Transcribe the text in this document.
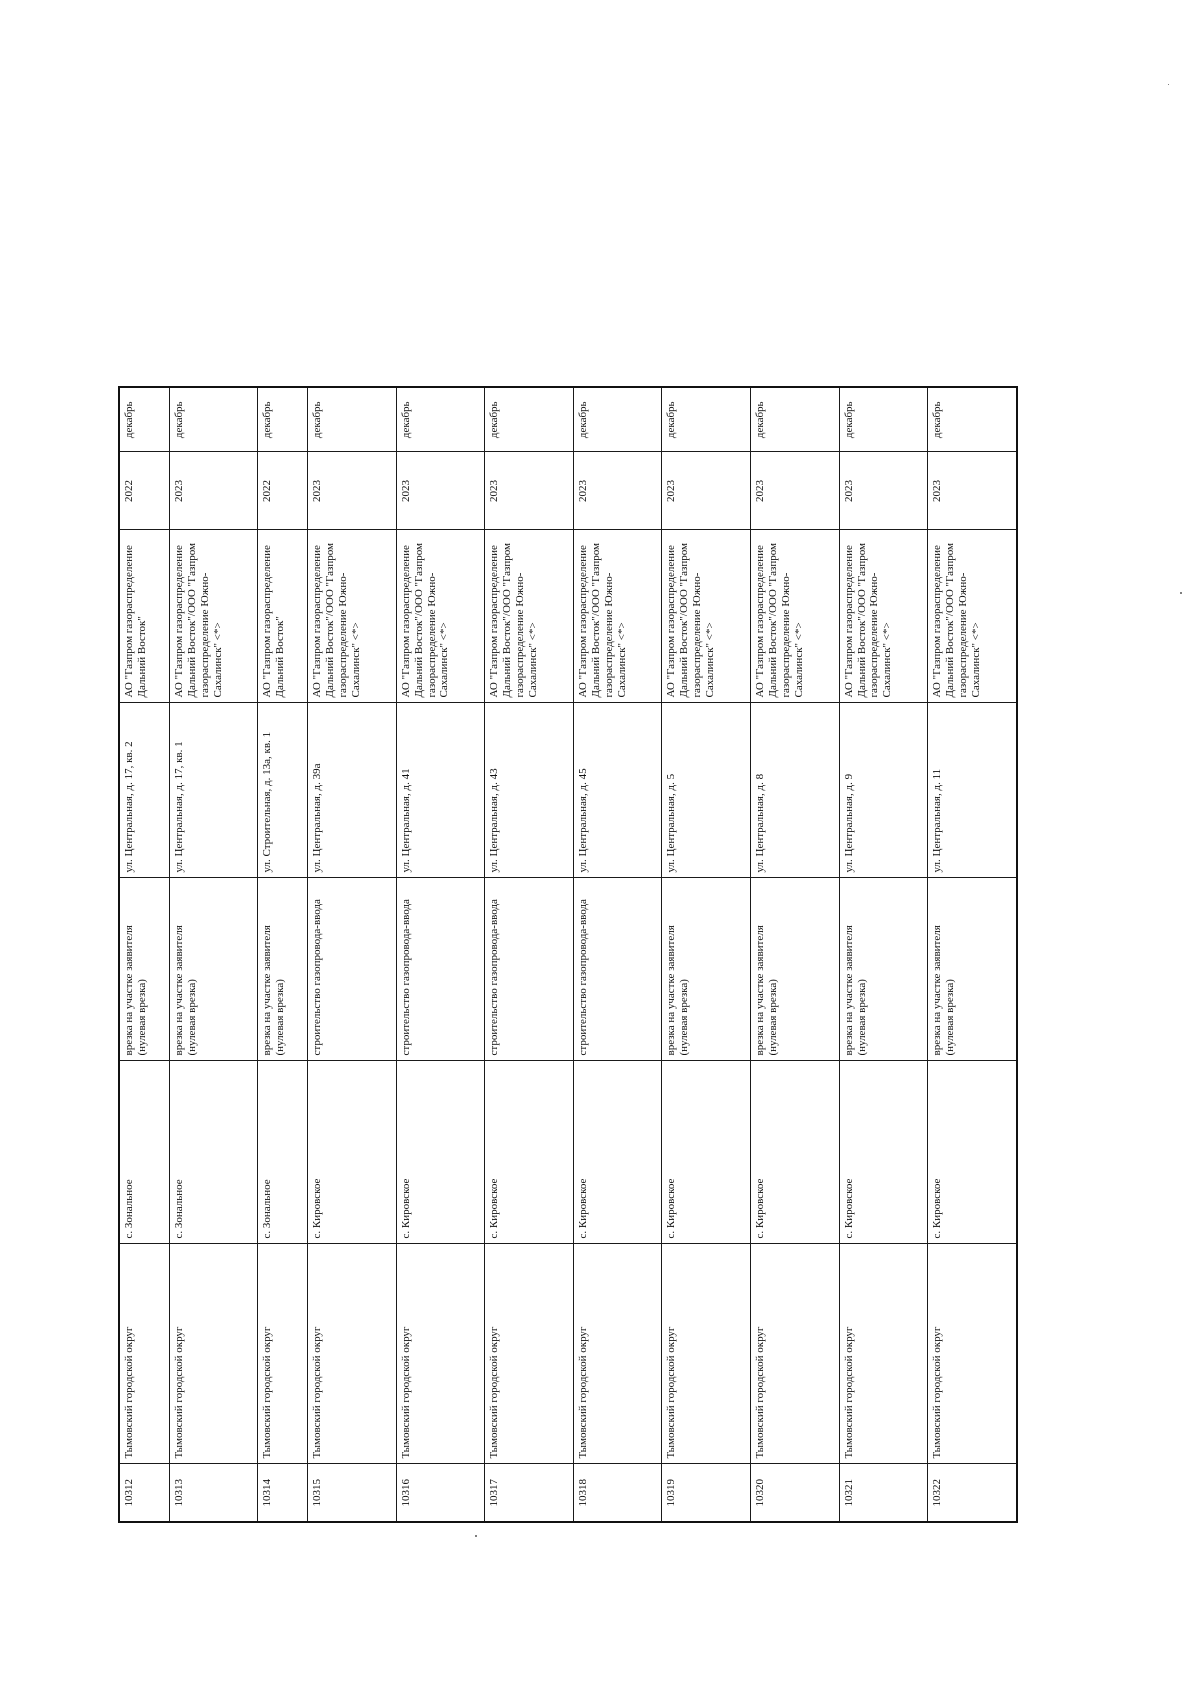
10312	Тымовский городской округ	с. Зональное	врезка на участке заявителя (нулевая врезка)	ул. Центральная, д. 17, кв. 2	АО "Газпром газораспределение Дальний Восток"	2022	декабрь
10313	Тымовский городской округ	с. Зональное	врезка на участке заявителя (нулевая врезка)	ул. Центральная, д. 17, кв. 1	АО "Газпром газораспределение Дальний Восток"/ООО "Газпром газораспределение Южно-Сахалинск" <*>	2023	декабрь
10314	Тымовский городской округ	с. Зональное	врезка на участке заявителя (нулевая врезка)	ул. Строительная, д. 13а, кв. 1	АО "Газпром газораспределение Дальний Восток"	2022	декабрь
10315	Тымовский городской округ	с. Кировское	строительство газопровода-ввода	ул. Центральная, д. 39а	АО "Газпром газораспределение Дальний Восток"/ООО "Газпром газораспределение Южно-Сахалинск" <*>	2023	декабрь
10316	Тымовский городской округ	с. Кировское	строительство газопровода-ввода	ул. Центральная, д. 41	АО "Газпром газораспределение Дальний Восток"/ООО "Газпром газораспределение Южно-Сахалинск" <*>	2023	декабрь
10317	Тымовский городской округ	с. Кировское	строительство газопровода-ввода	ул. Центральная, д. 43	АО "Газпром газораспределение Дальний Восток"/ООО "Газпром газораспределение Южно-Сахалинск" <*>	2023	декабрь
10318	Тымовский городской округ	с. Кировское	строительство газопровода-ввода	ул. Центральная, д. 45	АО "Газпром газораспределение Дальний Восток"/ООО "Газпром газораспределение Южно-Сахалинск" <*>	2023	декабрь
10319	Тымовский городской округ	с. Кировское	врезка на участке заявителя (нулевая врезка)	ул. Центральная, д. 5	АО "Газпром газораспределение Дальний Восток"/ООО "Газпром газораспределение Южно-Сахалинск" <*>	2023	декабрь
10320	Тымовский городской округ	с. Кировское	врезка на участке заявителя (нулевая врезка)	ул. Центральная, д. 8	АО "Газпром газораспределение Дальний Восток"/ООО "Газпром газораспределение Южно-Сахалинск" <*>	2023	декабрь
10321	Тымовский городской округ	с. Кировское	врезка на участке заявителя (нулевая врезка)	ул. Центральная, д. 9	АО "Газпром газораспределение Дальний Восток"/ООО "Газпром газораспределение Южно-Сахалинск" <*>	2023	декабрь
10322	Тымовский городской округ	с. Кировское	врезка на участке заявителя (нулевая врезка)	ул. Центральная, д. 11	АО "Газпром газораспределение Дальний Восток"/ООО "Газпром газораспределение Южно-Сахалинск" <*>	2023	декабрь
